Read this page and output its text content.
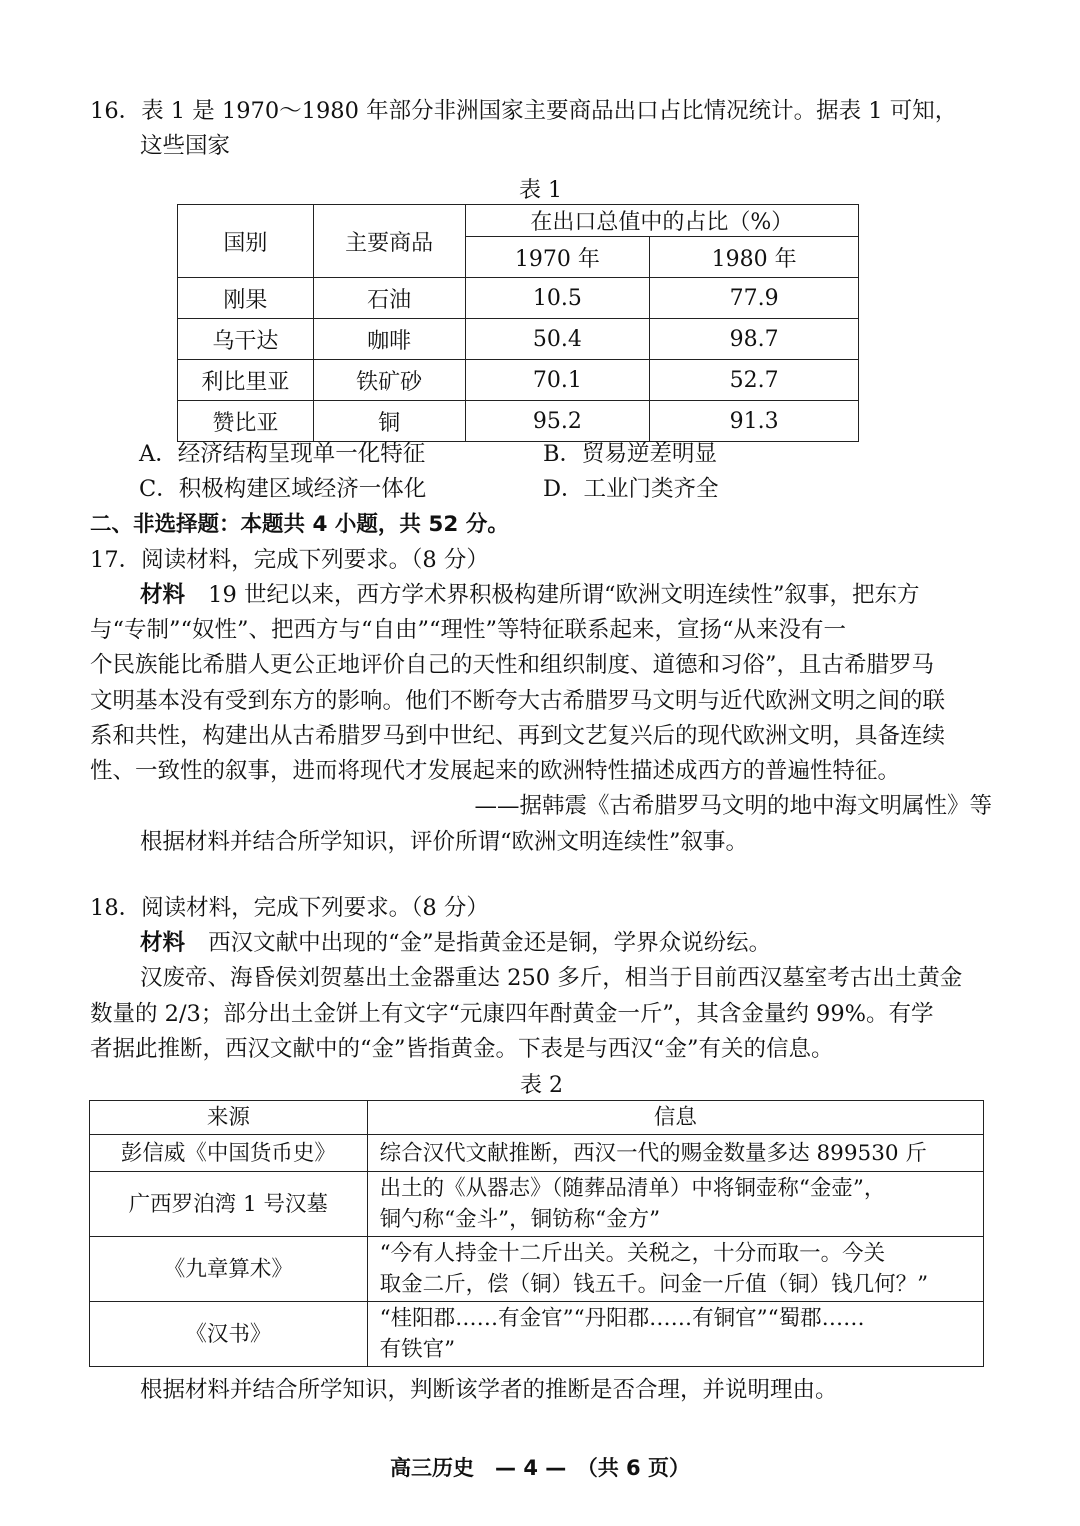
16．表 1 是 1970～1980 年部分非洲国家主要商品出口占比情况统计。据表 1 可知，
这些国家
表 1
国别	主要商品	在出口总值中的占比（%）	
		1970 年	1980 年
刚果	石油	10.5	77.9
乌干达	咖啡	50.4	98.7
利比里亚	铁矿砂	70.1	52.7
赞比亚	铜	95.2	91.3
A．经济结构呈现单一化特征	B．贸易逆差明显
C．积极构建区域经济一体化	D．工业门类齐全
二、非选择题：本题共 4 小题，共 52 分。
17．阅读材料，完成下列要求。（8 分）
材料 19 世纪以来，西方学术界积极构建所谓“欧洲文明连续性”叙事，把东方
与“专制”“奴性”、把西方与“自由”“理性”等特征联系起来，宣扬“从来没有一
个民族能比希腊人更公正地评价自己的天性和组织制度、道德和习俗”，且古希腊罗马
文明基本没有受到东方的影响。他们不断夸大古希腊罗马文明与近代欧洲文明之间的联
系和共性，构建出从古希腊罗马到中世纪、再到文艺复兴后的现代欧洲文明，具备连续
性、一致性的叙事，进而将现代才发展起来的欧洲特性描述成西方的普遍性特征。
——据韩震《古希腊罗马文明的地中海文明属性》等
根据材料并结合所学知识，评价所谓“欧洲文明连续性”叙事。
18．阅读材料，完成下列要求。（8 分）
材料 西汉文献中出现的“金”是指黄金还是铜，学界众说纷纭。
汉废帝、海昏侯刘贺墓出土金器重达 250 多斤，相当于目前西汉墓室考古出土黄金
数量的 2/3；部分出土金饼上有文字“元康四年酎黄金一斤”，其含金量约 99%。有学
者据此推断，西汉文献中的“金”皆指黄金。下表是与西汉“金”有关的信息。
表 2
来源	信息
彭信威《中国货币史》	综合汉代文献推断，西汉一代的赐金数量多达 899530 斤

广西罗泊湾 1 号汉墓	出土的《从器志》（随葬品清单）中将铜壶称“金壶”，
铜勺称“金斗”，铜钫称“金方”

《九章算术》	“今有人持金十二斤出关。关税之，十分而取一。今关
取金二斤，偿（铜）钱五千。问金一斤值（铜）钱几何？”

《汉书》	“桂阳郡……有金官”“丹阳郡……有铜官”“蜀郡……
有铁官”
根据材料并结合所学知识，判断该学者的推断是否合理，并说明理由。
高三历史　— 4 —　（共 6 页）
